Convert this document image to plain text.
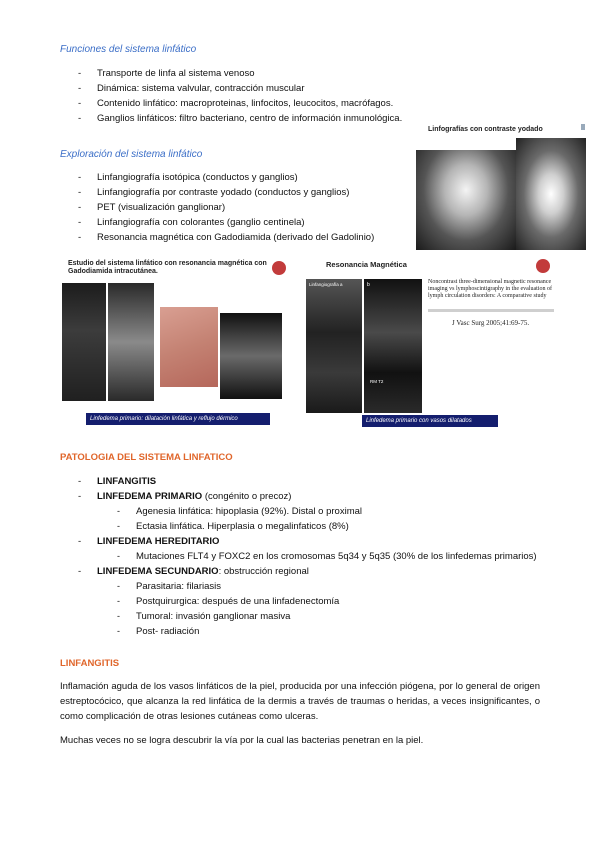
Funciones del sistema linfático
- Transporte de linfa al sistema venoso
- Dinámica: sistema valvular, contracción muscular
- Contenido linfático: macroproteinas, linfocitos, leucocitos, macrófagos.
- Ganglios linfáticos: filtro bacteriano, centro de información inmunológica.
Linfografías con contraste yodado
Exploración del sistema linfático
- Linfangiografía isotópica (conductos y ganglios)
- Linfangiografía por contraste yodado (conductos y ganglios)
- PET (visualización ganglionar)
- Linfangiografía con colorantes (ganglio centinela)
- Resonancia magnética con Gadodiamida (derivado del Gadolinio)
Estudio del sistema linfático con resonancia magnética con Gadodiamida intracutánea.
Linfedema primario: dilatación linfática y reflujo dérmico
Resonancia Magnética
Linfangiografía a	b
RM T2
Noncontrast three-dimensional magnetic resonance imaging vs lymphoscintigraphy in the evaluation of lymph circulation disorders: A comparative study
J Vasc Surg 2005;41:69-75.
Linfedema primario con vasos dilatados
PATOLOGIA DEL SISTEMA LINFATICO
- LINFANGITIS
- LINFEDEMA PRIMARIO (congénito o precoz)
- Agenesia linfática: hipoplasia (92%). Distal o proximal
- Ectasia linfática. Hiperplasia o megalinfaticos (8%)
- LINFEDEMA HEREDITARIO
- Mutaciones FLT4 y FOXC2 en los cromosomas 5q34 y 5q35 (30% de los linfedemas primarios)
- LINFEDEMA SECUNDARIO: obstrucción regional
- Parasitaria: filariasis
- Postquirurgica: después de una linfadenectomía
- Tumoral: invasión ganglionar masiva
- Post- radiación
LINFANGITIS

Inflamación aguda de los vasos linfáticos de la piel, producida por una infección piógena, por lo general de origen estreptocócico, que alcanza la red linfática de la dermis a través de traumas o heridas, a veces insignificantes, o como complicación de otras lesiones cutáneas como ulceras.

Muchas veces no se logra descubrir la vía por la cual las bacterias penetran en la piel.
